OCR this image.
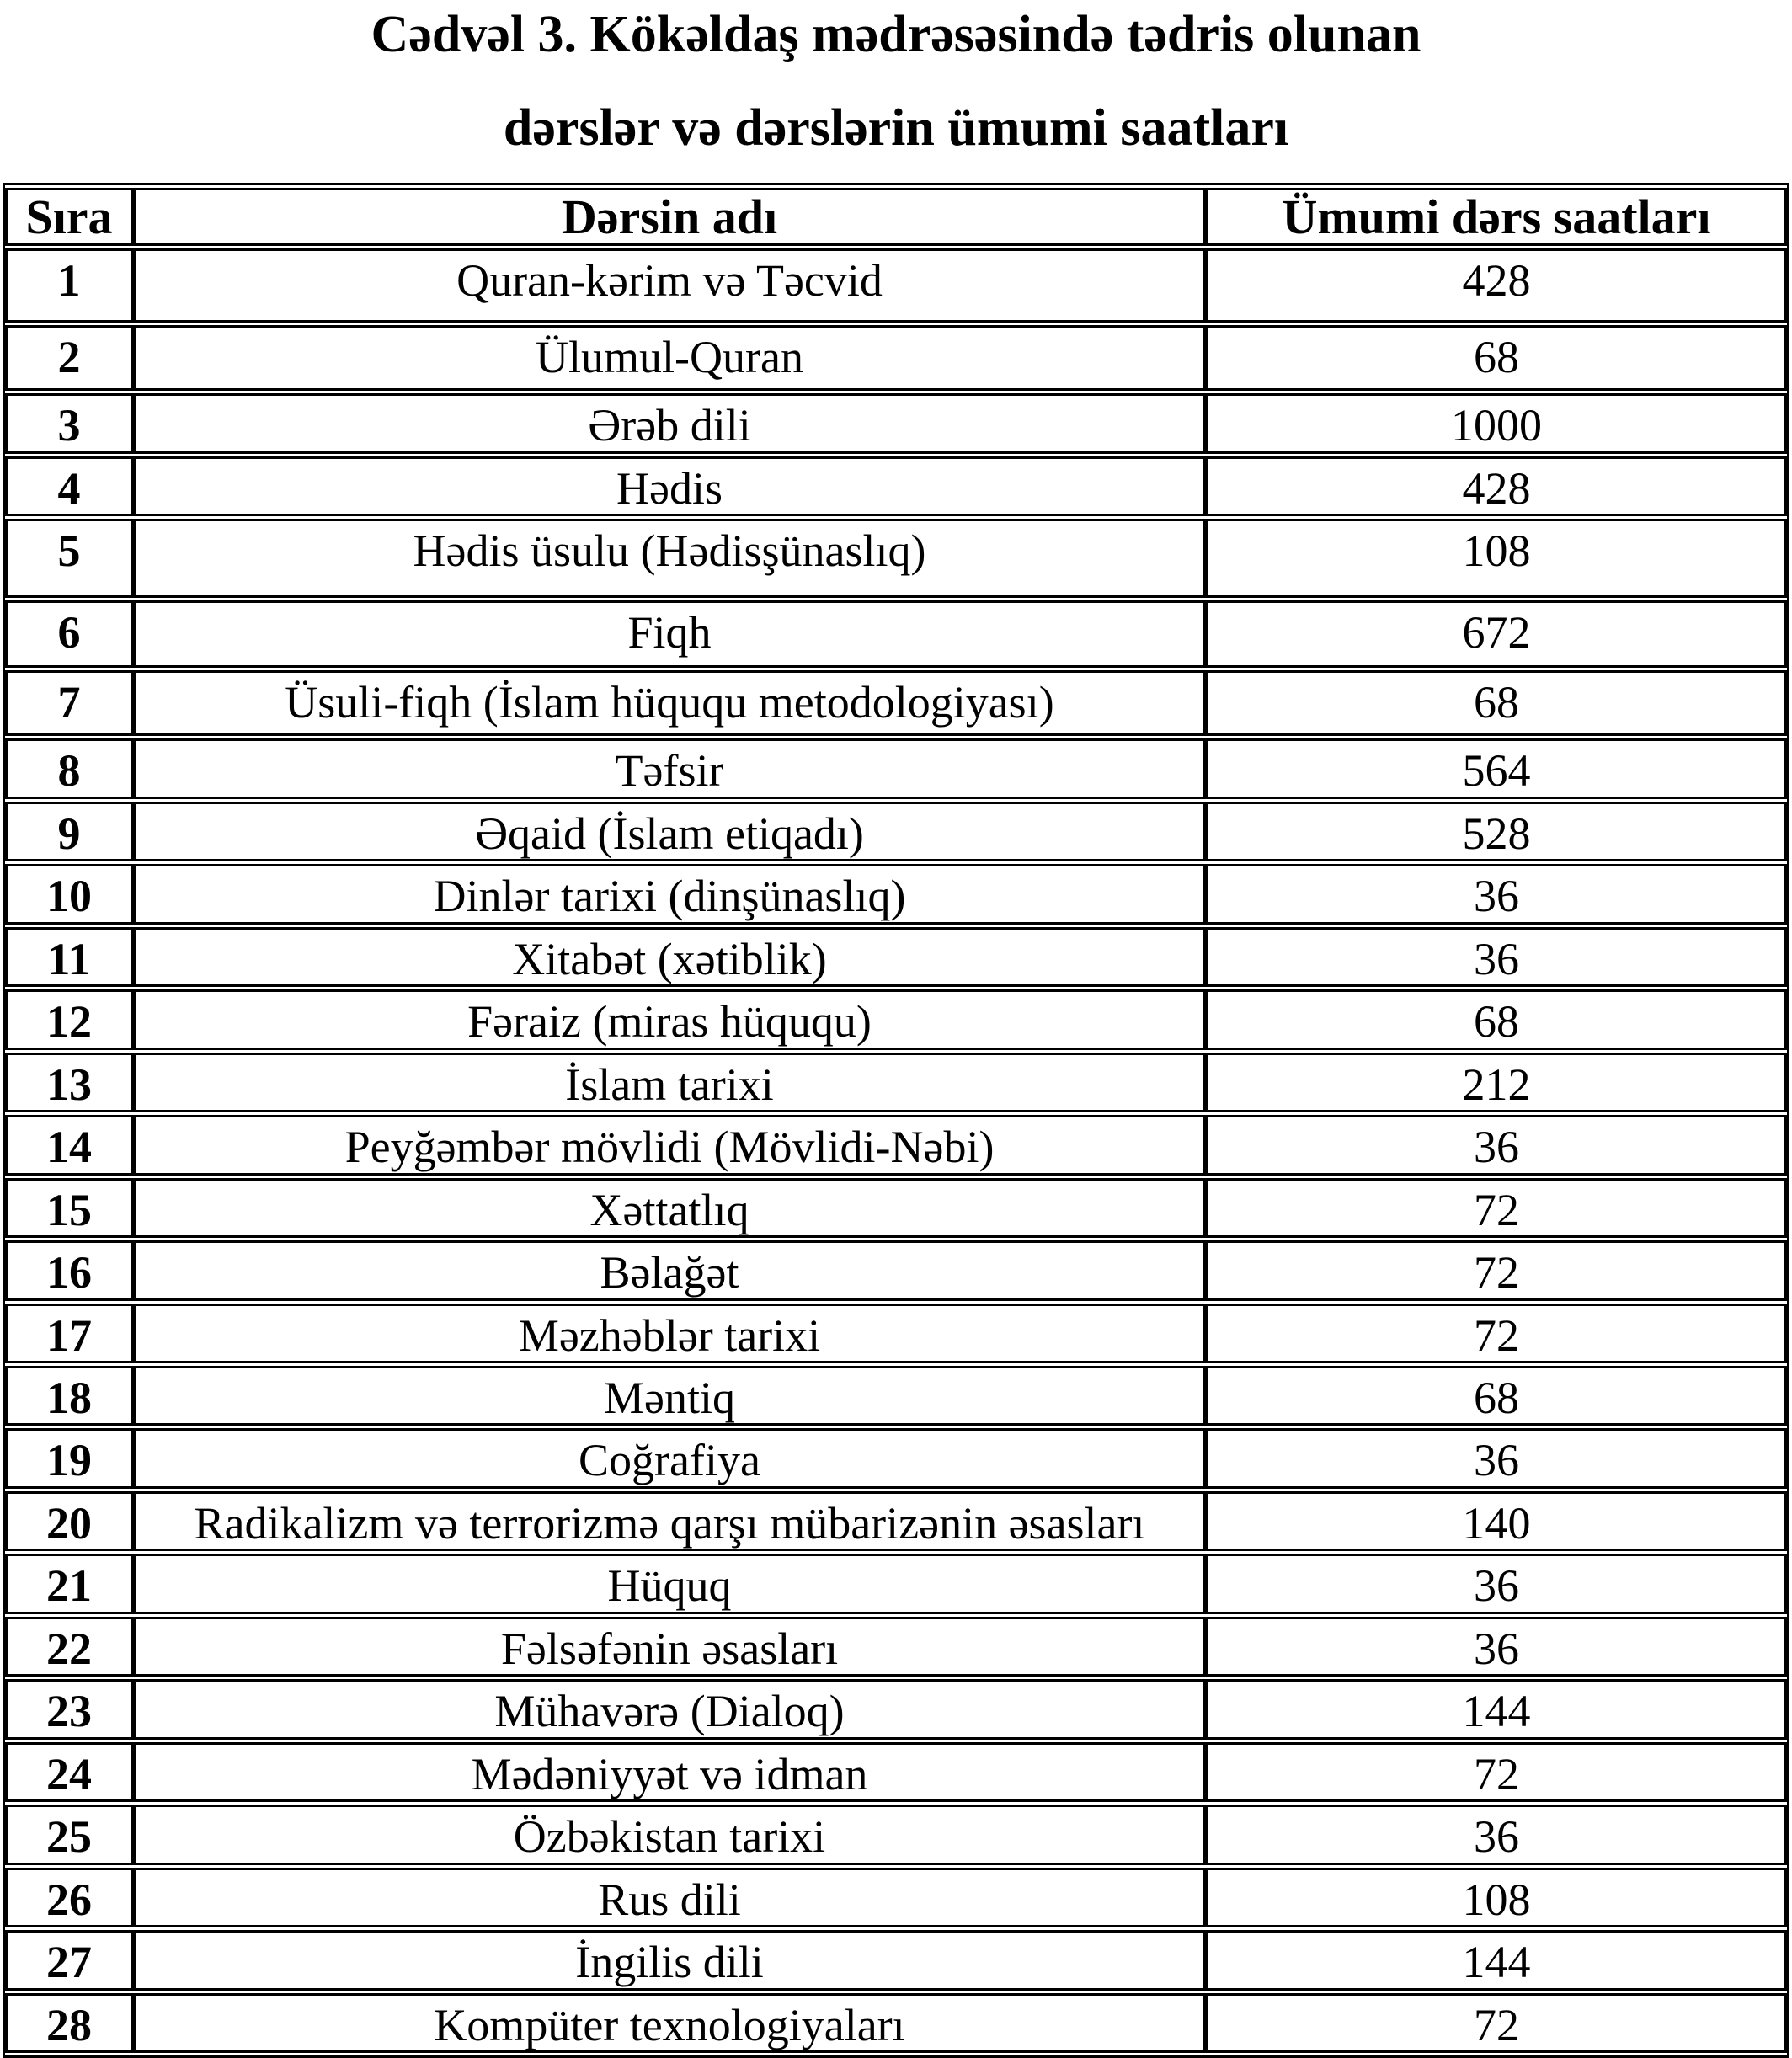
Cədvəl 3. Kökəldaş mədrəsəsində tədris olunan
dərslər və dərslərin ümumi saatları
Sıra	Dərsin adı	Ümumi dərs saatları
1	Quran-kərim və Təcvid	428
2	Ülumul-Quran	68
3	Ərəb dili	1000
4	Hədis	428
5	Hədis üsulu (Hədisşünaslıq)	108
6	Fiqh	672
7	Üsuli-fiqh (İslam hüququ metodologiyası)	68
8	Təfsir	564
9	Əqaid (İslam etiqadı)	528
10	Dinlər tarixi (dinşünaslıq)	36
11	Xitabət (xətiblik)	36
12	Fəraiz (miras hüququ)	68
13	İslam tarixi	212
14	Peyğəmbər mövlidi (Mövlidi-Nəbi)	36
15	Xəttatlıq	72
16	Bəlağət	72
17	Məzhəblər tarixi	72
18	Məntiq	68
19	Coğrafiya	36
20	Radikalizm və terrorizmə qarşı mübarizənin əsasları	140
21	Hüquq	36
22	Fəlsəfənin əsasları	36
23	Mühavərə (Dialoq)	144
24	Mədəniyyət və idman	72
25	Özbəkistan tarixi	36
26	Rus dili	108
27	İngilis dili	144
28	Kompüter texnologiyaları	72
